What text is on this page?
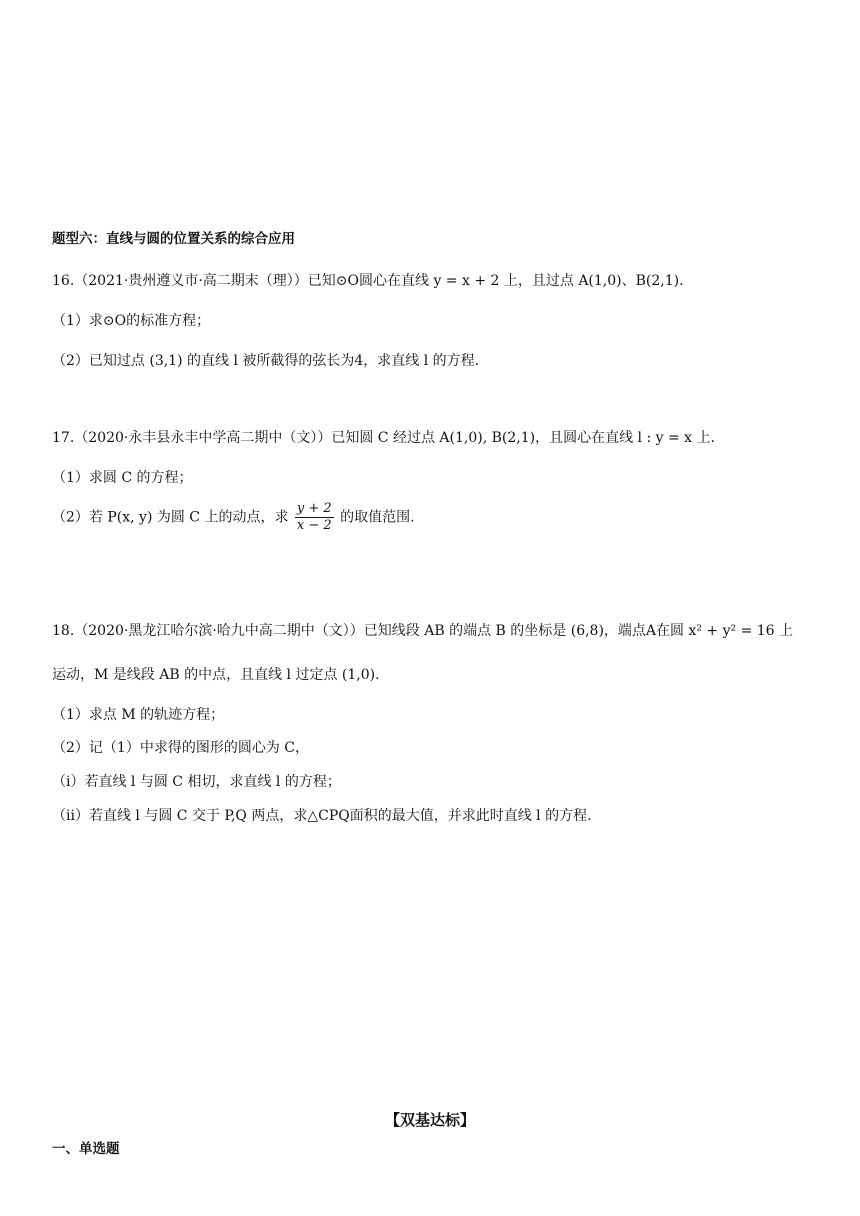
题型六：直线与圆的位置关系的综合应用
16.（2021·贵州遵义市·高二期末（理））已知⊙O圆心在直线 y = x + 2 上，且过点 A(1,0)、B(2,1).
（1）求⊙O的标准方程；
（2）已知过点 (3,1) 的直线 l 被所截得的弦长为4，求直线 l 的方程.
17.（2020·永丰县永丰中学高二期中（文））已知圆 C 经过点 A(1,0), B(2,1)，且圆心在直线 l : y = x 上.
（1）求圆 C 的方程；
（2）若 P(x, y) 为圆 C 上的动点，求 $\frac{y + 2}{x - 2}$ 的取值范围.
18.（2020·黑龙江哈尔滨·哈九中高二期中（文））已知线段 AB 的端点 B 的坐标是 (6,8)，端点A在圆 x² + y² = 16 上
运动，M 是线段 AB 的中点，且直线 l 过定点 (1,0).
（1）求点 M 的轨迹方程；
（2）记（1）中求得的图形的圆心为 C，
（i）若直线 l 与圆 C 相切，求直线 l 的方程；
（ii）若直线 l 与圆 C 交于 P,Q 两点，求△CPQ面积的最大值，并求此时直线 l 的方程.
【双基达标】
一、单选题
